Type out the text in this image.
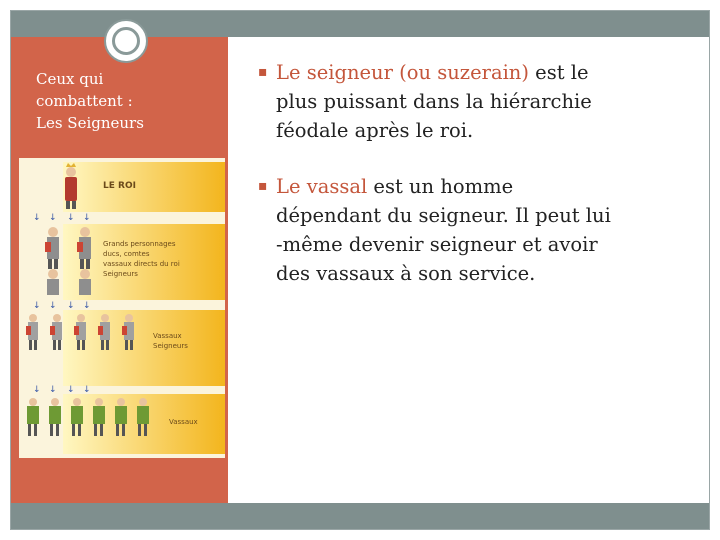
Ceux qui
combattent :
Les Seigneurs
LE ROI
Grands personnages
ducs, comtes
vassaux directs du roi
Seigneurs
Vassaux
Seigneurs
Vassaux
↓ ↓ ↓ ↓
↓ ↓ ↓ ↓
↓ ↓ ↓ ↓
▪ Le seigneur (ou suzerain) est le
plus puissant dans la hiérarchie
féodale après le roi.
▪ Le vassal est un homme
dépendant du seigneur. Il peut lui
-même devenir seigneur et avoir
des vassaux à son service.
